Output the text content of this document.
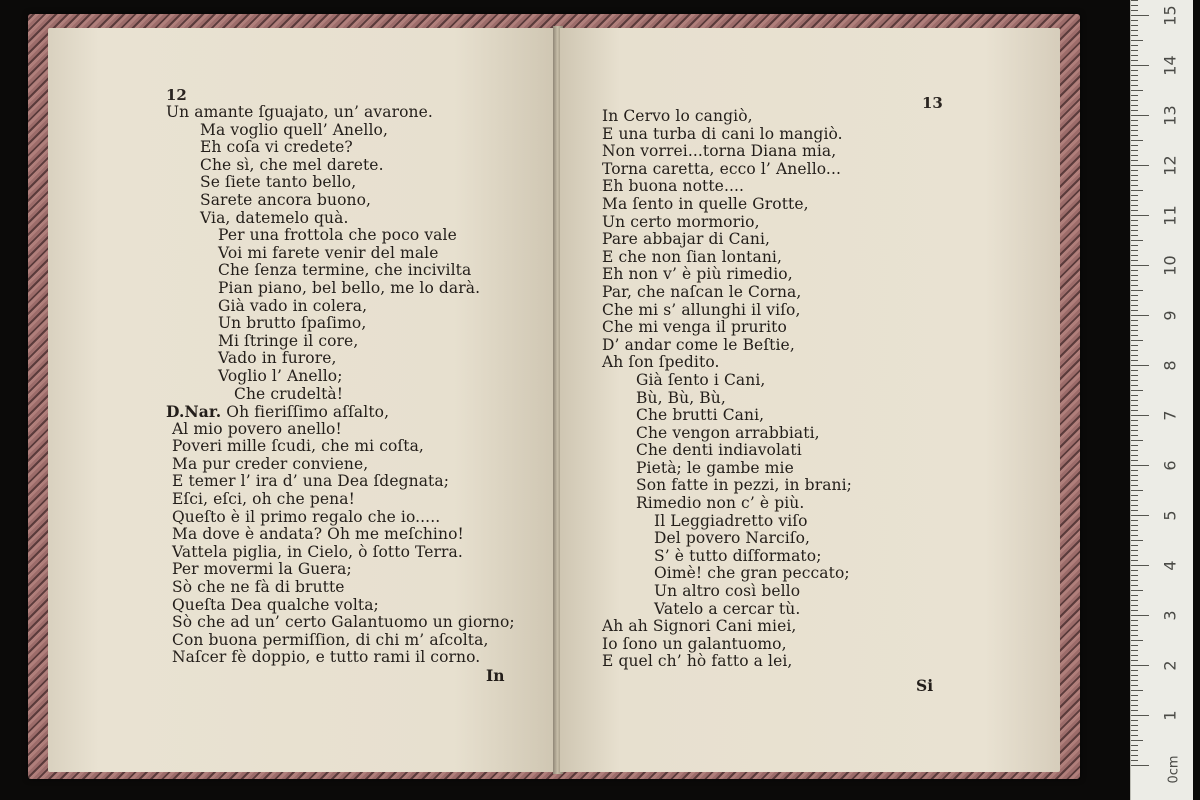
12
Un amante ſguajato, un’ avarone.
Ma voglio quell’ Anello,
Eh coſa vi credete?
Che sì, che mel darete.
Se ſiete tanto bello,
Sarete ancora buono,
Via, datemelo quà.
Per una frottola che poco vale
Voi mi farete venir del male
Che ſenza termine, che incivilta
Pian piano, bel bello, me lo darà.
Già vado in colera,
Un brutto ſpaſimo,
Mi ſtringe il core,
Vado in furore,
Voglio l’ Anello;
Che crudeltà!
D.Nar. Oh fieriſſimo aſſalto,
Al mio povero anello!
Poveri mille ſcudi, che mi coſta,
Ma pur creder conviene,
E temer l’ ira d’ una Dea ſdegnata;
Eſci, eſci, oh che pena!
Queſto è il primo regalo che io.....
Ma dove è andata? Oh me meſchino!
Vattela piglia, in Cielo, ò ſotto Terra.
Per movermi la Guera;
Sò che ne fà di brutte
Queſta Dea qualche volta;
Sò che ad un’ certo Galantuomo un giorno;
Con buona permiſſion, di chi m’ aſcolta,
Naſcer fè doppio, e tutto rami il corno.
In
13
In Cervo lo cangiò,
E una turba di cani lo mangiò.
Non vorrei...torna Diana mia,
Torna caretta, ecco l’ Anello...
Eh buona notte....
Ma ſento in quelle Grotte,
Un certo mormorio,
Pare abbajar di Cani,
E che non ſian lontani,
Eh non v’ è più rimedio,
Par, che naſcan le Corna,
Che mi s’ allunghi il viſo,
Che mi venga il prurito
D’ andar come le Beſtie,
Ah ſon ſpedito.
Già ſento i Cani,
Bù, Bù, Bù,
Che brutti Cani,
Che vengon arrabbiati,
Che denti indiavolati
Pietà; le gambe mie
Son fatte in pezzi, in brani;
Rimedio non c’ è più.
Il Leggiadretto viſo
Del povero Narciſo,
S’ è tutto diſformato;
Oimè! che gran peccato;
Un altro così bello
Vatelo a cercar tù.
Ah ah Signori Cani miei,
Io ſono un galantuomo,
E quel ch’ hò fatto a lei,
Si
0cm
1
2
3
4
5
6
7
8
9
10
11
12
13
14
15
